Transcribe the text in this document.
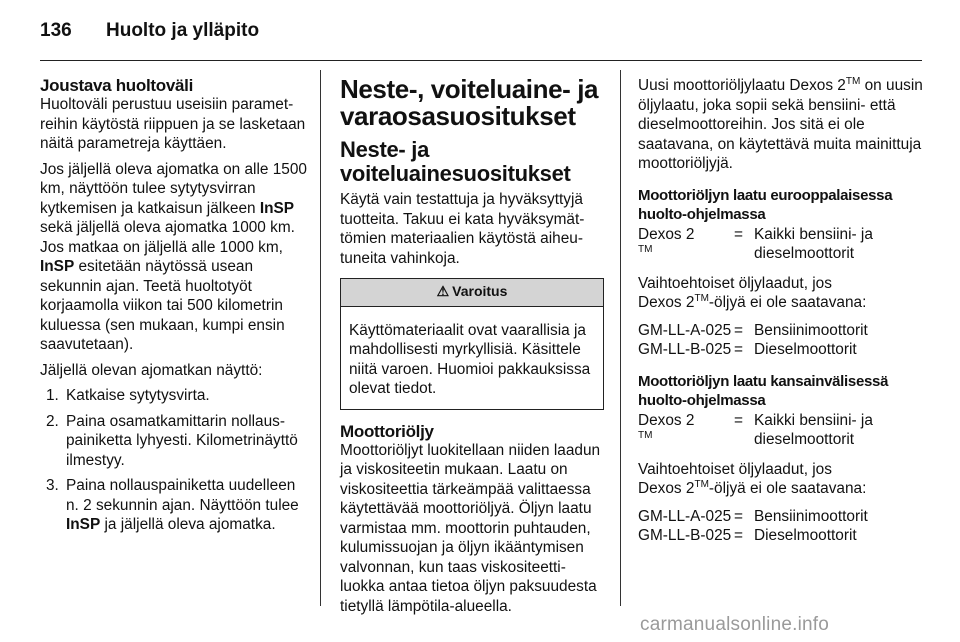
136 Huolto ja ylläpito
Joustava huoltoväli

Huoltoväli perustuu useisiin parametreihin käytöstä riippuen ja se lasketaan näitä parametreja käyttäen.

Jos jäljellä oleva ajomatka on alle 1500 km, näyttöön tulee sytytysvirran kytkemisen ja katkaisun jälkeen InSP sekä jäljellä oleva ajomatka 1000 km. Jos matkaa on jäljellä alle 1000 km, InSP esitetään näytössä usean sekunnin ajan. Teetä huoltotyöt korjaamolla viikon tai 500 kilometrin kuluessa (sen mukaan, kumpi ensin saavutetaan).

Jäljellä olevan ajomatkan näyttö:

1. Katkaise sytytysvirta.
2. Paina osamatkamittarin nollauspainiketta lyhyesti. Kilometrinäyttö ilmestyy.
3. Paina nollauspainiketta uudelleen n. 2 sekunnin ajan. Näyttöön tulee InSP ja jäljellä oleva ajomatka.
Neste-, voiteluaine- ja varaosasuositukset
Neste- ja voiteluainesuositukset

Käytä vain testattuja ja hyväksyttyjä tuotteita. Takuu ei kata hyväksymättömien materiaalien käytöstä aiheutuneita vahinkoja.

⚠ Varoitus
Käyttömateriaalit ovat vaarallisia ja mahdollisesti myrkyllisiä. Käsittele niitä varoen. Huomioi pakkauksissa olevat tiedot.
Moottoriöljy

Moottoriöljyt luokitellaan niiden laadun ja viskositeetin mukaan. Laatu on viskositeettia tärkeämpää valittaessa käytettävää moottoriöljyä. Öljyn laatu varmistaa mm. moottorin puhtauden, kulumissuojan ja öljyn ikääntymisen valvonnan, kun taas viskositeettiluokka antaa tietoa öljyn paksuudesta tietyllä lämpötila-alueella.

Uusi moottoriöljylaatu Dexos 2™ on uusin öljylaatu, joka sopii sekä bensiini- että dieselmoottoreihin. Jos sitä ei ole saatavana, on käytettävä muita mainittuja moottoriöljyjä.

Moottoriöljyn laatu eurooppalaisessa huolto-ohjelmassa
Dexos 2
™
= Kaikki bensiini- ja dieselmoottorit

Vaihtoehtoiset öljylaadut, jos
Dexos 2™-öljyä ei ole saatavana:

GM-LL-A-025 = Bensiinimoottorit
GM-LL-B-025 = Dieselmoottorit
Moottoriöljyn laatu kansainvälisessä huolto-ohjelmassa
Dexos 2
™
= Kaikki bensiini- ja dieselmoottorit

Vaihtoehtoiset öljylaadut, jos
Dexos 2™-öljyä ei ole saatavana:

GM-LL-A-025 = Bensiinimoottorit
GM-LL-B-025 = Dieselmoottorit
carmanualsonline.info
